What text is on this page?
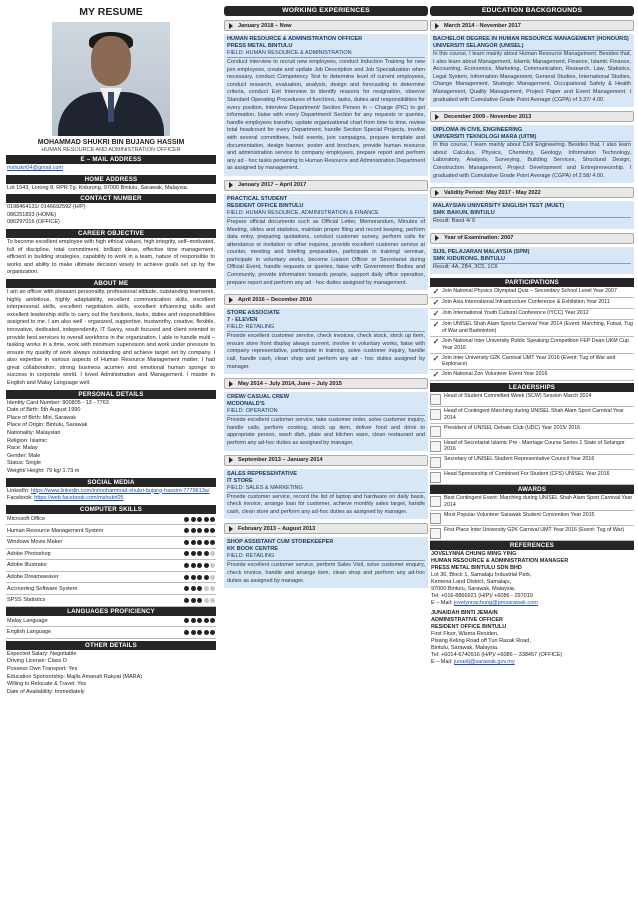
MY RESUME
MOHAMMAD SHUKRI BIN BUJANG HASSIM
HUMAN RESOURCE AND ADMINISTRATION OFFICER
E – MAIL ADDRESS
mshukri04@gmail.com
HOME ADDRESS
Lot 1543, Lorong 8, RPR Tg. Kidurong, 97000 Bintulu, Sarawak, Malaysia.
CONTACT NUMBER
0198464131/ 0146692592 (H/P)
086251833 (HOME)
086297016 (OFFICE)
CAREER OBJECTIVE
To become excellent employee with high ethical values, high integrity, self–motivated, full of discipline, total commitment, brilliant ideas, effective time management, efficient in building strategies, capability to work in a team, nature of responsible to works and ability to make ultimate decision wisely to achieve goals set up by the organization.
ABOUT ME
I am an officer with pleasant personality, professional attitude, outstanding teamwork, highly ambitious, highly adaptability, excellent communication skills, excellent interpersonal skills, excellent negotiation skills, excellent influencing skills and excellent leadership skills to carry out the functions, tasks, duties and responsibilities assigned to me. I am also well - organized, supportive, trustworthy, creative, flexible, innovative, dedicated, independently, IT Savvy, result focused and client oriented to provide best services to overall workforce in the organization. I able to handle multi – tasking works in a time, work with minimum supervision and work under pressure to ensure my quality of work always outstanding and achieve target set by company. I also expertise in various aspects of Human Resource Management matter. I had great collaboration, strong business acumen and emotional human sponge to success in corporate world. I loved Administration and Management. I master in English and Malay Language well.
PERSONAL DETAILS
Identity Card Number: 900805 - 13 - 7763
Date of Birth: 5th August 1990
Place of Birth: Miri, Sarawak
Place of Origin: Bintulu, Sarawak
Nationality: Malaysian
Religion: Islamic
Race: Malay
Gender: Male
Status: Single
Weight/ Height: 79 kg/ 1.73 m
SOCIAL MEDIA
LinkedIn: https://www.linkedin.com/in/mohammad-shukri-bujang-hassim-7779613a/
Facebook: https://web.facebook.com/mshukri05
COMPUTER SKILLS
Microsoft Office
Human Resource Management System
Windows Movie Maker
Adobe Photoshop
Adobe Illustrator
Adobe Dreamweaver
Accounting Software System
SPSS Statistics
LANGUAGES PROFICIENCY
Malay Language
English Language
OTHER DETAILS
Expected Salary: Negotiable
Driving License: Class D
Possess Own Transport: Yes
Education Sponsorship: Majlis Amanah Rakyat (MARA)
Willing to Relocate & Travel: Yes
Date of Availability: Immediately
WORKING EXPERIENCES
January 2018 – Now
HUMAN RESOURCE & ADMINISTRATION OFFICER
PRESS METAL BINTULU
FIELD: HUMAN RESOURCE & ADMINISTRATION
Conduct interview to recruit new employees, conduct Induction Training for new join employees, create and update Job Description and Job Specialization when necessary, conduct Competency Test to determine level of current employees, conduct research, evaluation, analysis, design and forecasting to determine criteria, conduct Exit Interview to identify reasons for resignation, observe Standard Operating Procedures of functions, tasks, duties and responsibilities for every position, interview Department/ Section Person In – Charge (PIC) to get information, liaise with every Department/ Section for any requests or queries, handle employees transfer, update organizational chart from time to time, review total headcount for every Department, handle Section Special Projects, involve with several committees, held events, join campaigns, prepare template and documentation, design banner, poster and brochure, provide human resource and administration service to company employees, prepare report and perform any ad - hoc tasks pertaining to Human Resource and Administration Department as assigned by management.
January 2017 – April 2017
PRACTICAL STUDENT
RESIDENT OFFICE BINTULU
FIELD: HUMAN RESOURCE, ADMINISTRATION & FINANCE
Prepare official documents such as Official Letter, Memorandum, Minutes of Meeting, slides and statistics, maintain proper filing and record keeping, perform data entry, preparing quotations, conduct customer survey, perform calls for attendance or invitation or other inquires, provide excellent customer service at counter, meeting and briefing preparation, participate in training/ seminar, participate in voluntary works, become Liaison Officer or Secretariat during Official Event, handle requests or queries, liaise with Government Bodies and Community, provide information towards people, support daily office operation, prepare report and perform any ad - hoc duties assigned by management.
April 2016 – December 2016
STORE ASSOCIATE
7 - ELEVEN
FIELD: RETAILING
Provide excellent customer service, check invoices, check stock, stock up item, ensure store front display always current, involve in voluntary works, liaise with company representative, participate in training, solve customer inquiry, handle call, handle cash, clean shop and perform any ad - hoc duties assigned by manager.
May 2014 – July 2014, June – July 2015
CREW/ CASUAL CREW
MCDONALD'S
FIELD: OPERATION
Provide excellent customer service, take customer order, solve customer inquiry, handle calls, perform cooking, stock up item, deliver food and drink to appropriate person, wash dish, plate and kitchen ware, clean restaurant and perform any ad-hoc duties as assigned by manager.
September 2013 – January 2014
SALES REPRESENTATIVE
IT STORE
FIELD: SALES & MARKETING
Provide customer service, record the list of laptop and hardware on daily basis, check invoice, arrange loan for customer, achieve monthly sales target, handle cash, clean store and perform any ad-hoc duties as assigned by manager.
February 2013 – August 2013
SHOP ASSISTANT CUM STOREKEEPER
KK BOOK CENTRE
FIELD: RETAILING
Provide excellent customer service, perform Sales Visit, solve customer enquiry, check invoice, handle and arrange item, clean shop and perform any ad-hoc duties as assigned by manager.
EDUCATION BACKGROUNDS
March 2014 - November 2017
BACHELOR DEGREE IN HUMAN RESOURCE MANAGEMENT (HONOURS)
UNIVERSITI SELANGOR (UNISEL)
In this course, I learn mainly about Human Resource Management. Besides that, I also learn about Management, Islamic Management, Finance, Islamic Finance, Accounting, Economics, Marketing, Communication, Research, Law, Statistics, Legal System, Information Management, General Studies, International Studies, Change Management, Strategic Management, Occupational Safety & Health Management, Quality Management, Project Paper and Event Management. I graduated with Cumulative Grade Point Average (CGPA) of 3.37/ 4.00.
December 2009 - November 2013
DIPLOMA IN CIVIL ENGINEERING
UNIVERSITI TEKNOLOGI MARA (UITM)
In this course, I learn mainly about Civil Engineering. Besides that, I also learn about Calculus, Physics, Chemistry, Geology, Information Technology, Laboratory, Analysis, Surveying, Building Services, Structural Design, Construction Management, Project Development and Entrepreneurship. I graduated with Cumulative Grade Point Average (CGPA) of 2.58/ 4.00.
Validity Period: May 2017 - May 2022
MALAYSIAN UNIVERSITY ENGLISH TEST (MUET)
SMK BAKUN, BINTULU
Result: Band 4/ 6
Year of Examination: 2007
SIJIL PELAJARAN MALAYSIA (SPM)
SMK KIDURONG, BINTULU
Result: 4A, 2B4, 3C5, 1C6
PARTICIPATIONS
✓ Join National Physics Olympiad Quiz – Secondary School Level Year 2007
✓ Join Asia International Infrastructure Conference & Exhibition Year 2011
✓ Join International Youth Cultural Conference (IYCC) Year 2012
✓ Join UNISEL Shah Alam Sports Carnival Year 2014 (Event: Marching, Futsal, Tug of War and Badminton)
✓ Join National Inter University Public Speaking Competition FEP Dean UKM Cup Year 2016
✓ Join Inter University G2K Carnival UMT Year 2016 (Event: Tug of War and Explorace)
✓ Join National Zoo Volunteer Event Year 2016
LEADERSHIPS
Head of Student Committed Week (SCW) Session March 2014
Head of Contingent Marching during UNISEL Shah Alam Sport Carnival Year 2014
President of UNISEL Debate Club (UDC) Year 2015/ 2016
Head of Secretariat Islamic Pre - Marriage Course Series 1 State of Selangor 2016
Secretary of UNISEL Student Representative Council Year 2016
Head Sponsorship of Combined For Student (CFS) UNISEL Year 2016
AWARDS
Best Contingent Event: Marching during UNISEL Shah Alam Sport Carnival Year 2014
Most Popular Volunteer Sarawak Student Convention Year 2015
First Place Inter University G2K Carnival UMT Year 2016 (Event: Tug of War)
REFERENCES
JOVELYNNA CHUNG MING YING
HUMAN RESOURCE & ADMINISTRATION MANAGER
PRESS METAL BINTULU SDN BHD
Lot 36, Block 1, Samalaju Industrial Park,
Kemena Land District, Samalaju,
97000 Bintulu, Sarawak, Malaysia.
Tel: +016-8866921 (H/P)/ +6086 - 297010
E – Mail: jovelynnachung@pmsarawak.com
JUNAIDAH BINTI JEMAIN
ADMINISTRATIVE OFFICER
RESIDENT OFFICE BINTULU
First Floor, Wisma Residen,
Pisang Keling Road off Tun Razak Road,
Bintulu, Sarawak, Malaysia.
Tel: +6014-6740916 (H/P)/ +6086 – 338457 (OFFICE)
E – Mail: junaidj@sarawak.gov.my
